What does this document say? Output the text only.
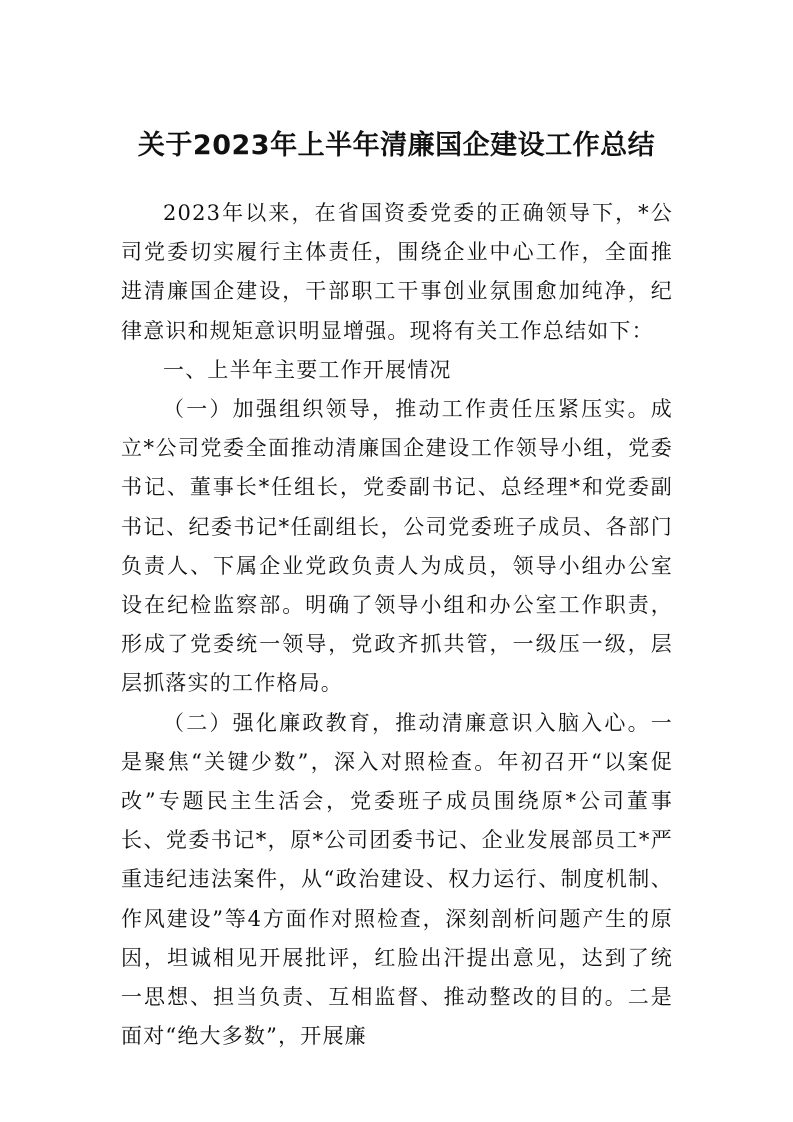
关于2023年上半年清廉国企建设工作总结

2023年以来，在省国资委党委的正确领导下，*公司党委切实履行主体责任，围绕企业中心工作，全面推进清廉国企建设，干部职工干事创业氛围愈加纯净，纪律意识和规矩意识明显增强。现将有关工作总结如下：

一、上半年主要工作开展情况

（一）加强组织领导，推动工作责任压紧压实。成立*公司党委全面推动清廉国企建设工作领导小组，党委书记、董事长*任组长，党委副书记、总经理*和党委副书记、纪委书记*任副组长，公司党委班子成员、各部门负责人、下属企业党政负责人为成员，领导小组办公室设在纪检监察部。明确了领导小组和办公室工作职责，形成了党委统一领导，党政齐抓共管，一级压一级，层层抓落实的工作格局。

（二）强化廉政教育，推动清廉意识入脑入心。一是聚焦“关键少数”，深入对照检查。年初召开“以案促改”专题民主生活会，党委班子成员围绕原*公司董事长、党委书记*，原*公司团委书记、企业发展部员工*严重违纪违法案件，从“政治建设、权力运行、制度机制、作风建设”等4方面作对照检查，深刻剖析问题产生的原因，坦诚相见开展批评，红脸出汗提出意见，达到了统一思想、担当负责、互相监督、推动整改的目的。二是面对“绝大多数”，开展廉
